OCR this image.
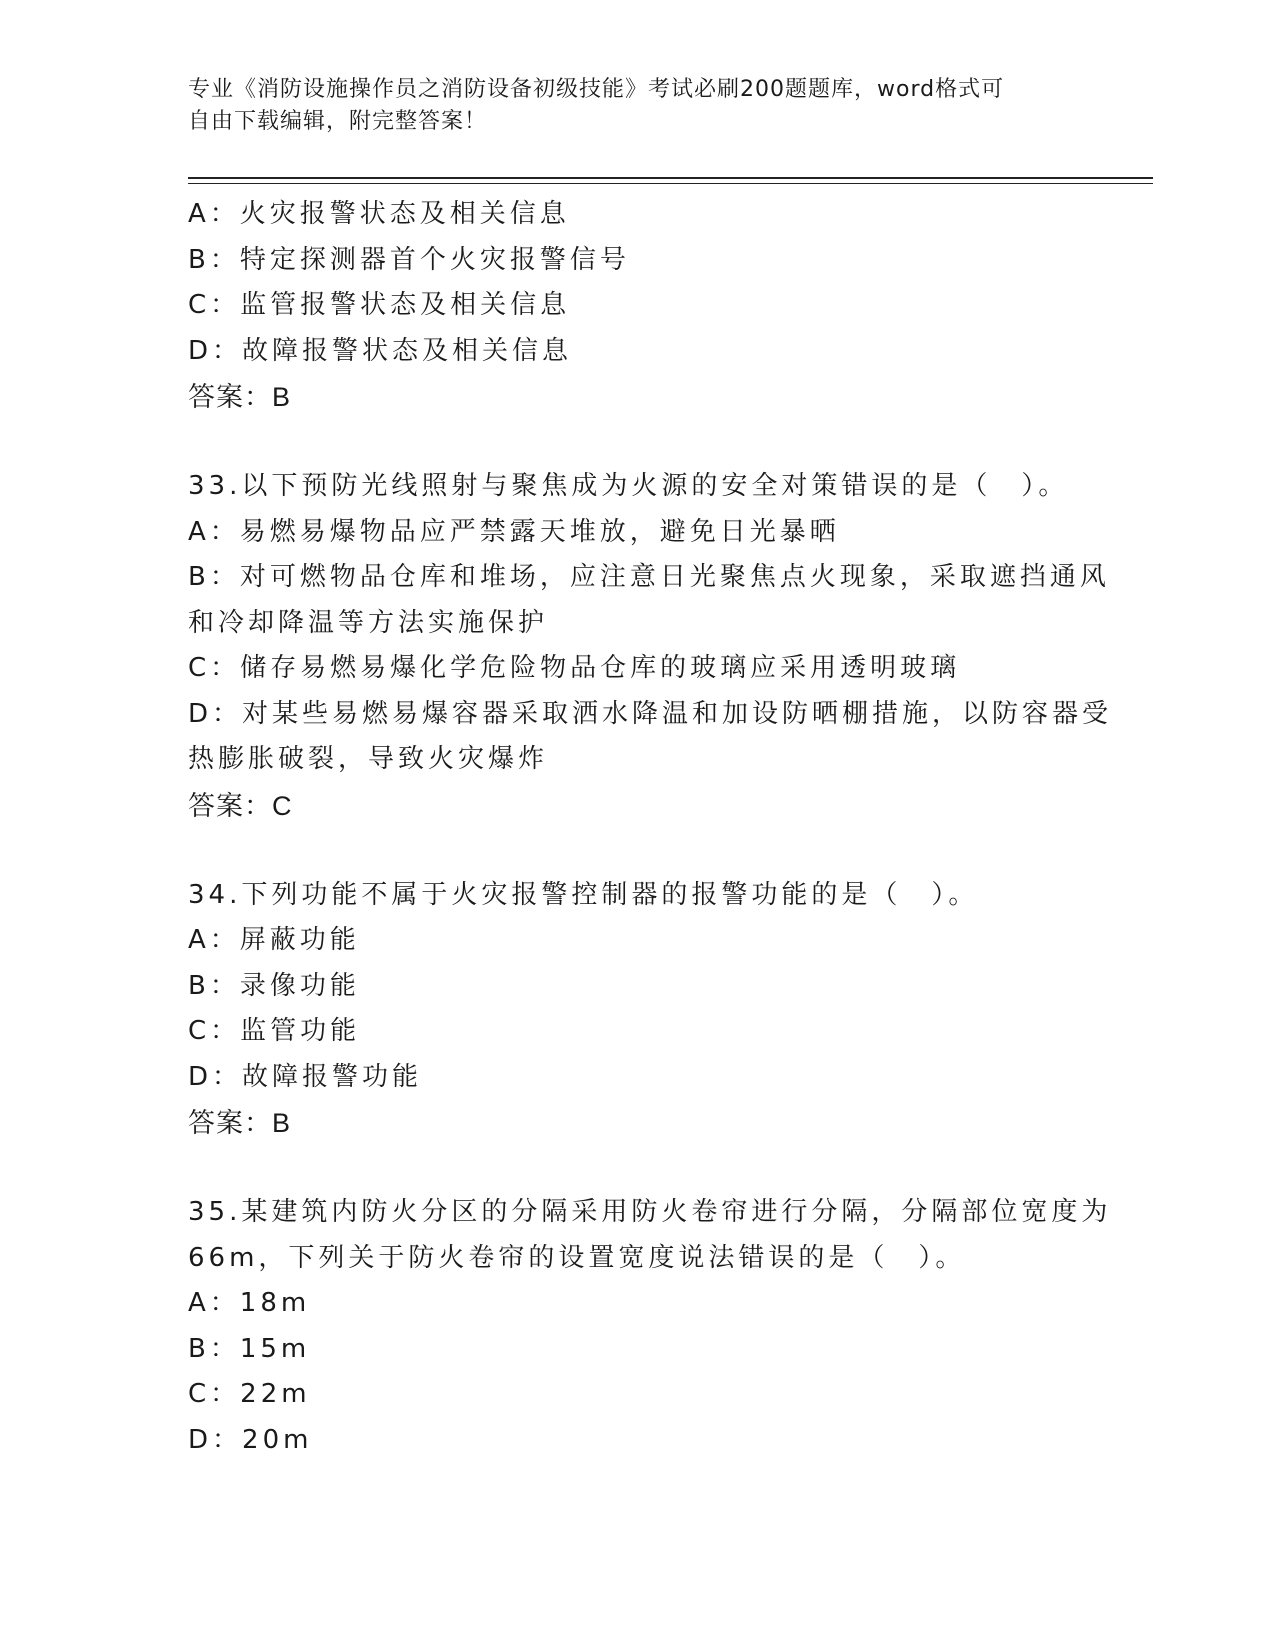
专业《消防设施操作员之消防设备初级技能》考试必刷200题题库，word格式可
自由下载编辑，附完整答案！
A：火灾报警状态及相关信息
B：特定探测器首个火灾报警信号
C：监管报警状态及相关信息
D：故障报警状态及相关信息
答案：B
33.以下预防光线照射与聚焦成为火源的安全对策错误的是（　）。
A：易燃易爆物品应严禁露天堆放，避免日光暴晒
B：对可燃物品仓库和堆场，应注意日光聚焦点火现象，采取遮挡通风
和冷却降温等方法实施保护
C：储存易燃易爆化学危险物品仓库的玻璃应采用透明玻璃
D：对某些易燃易爆容器采取洒水降温和加设防晒棚措施，以防容器受
热膨胀破裂，导致火灾爆炸
答案：C
34.下列功能不属于火灾报警控制器的报警功能的是（　）。
A：屏蔽功能
B：录像功能
C：监管功能
D：故障报警功能
答案：B
35.某建筑内防火分区的分隔采用防火卷帘进行分隔，分隔部位宽度为
66m，下列关于防火卷帘的设置宽度说法错误的是（　）。
A：18m
B：15m
C：22m
D：20m
